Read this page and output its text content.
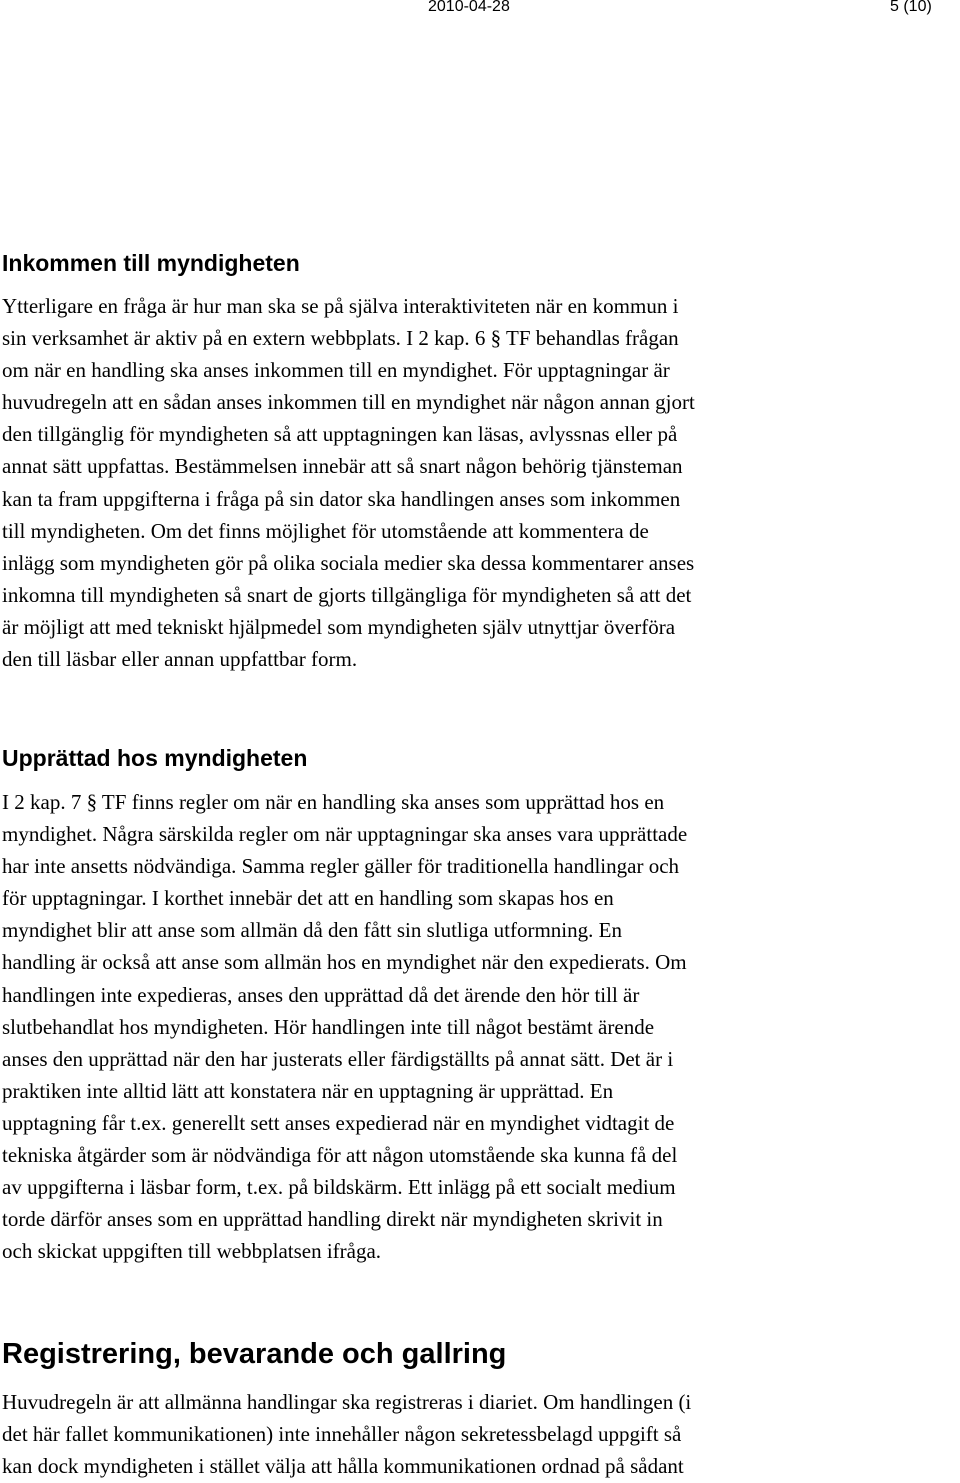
2010-04-28	5 (10)
Inkommen till myndigheten

Ytterligare en fråga är hur man ska se på själva interaktiviteten när en kommun i
sin verksamhet är aktiv på en extern webbplats. I 2 kap. 6 § TF behandlas frågan
om när en handling ska anses inkommen till en myndighet. För upptagningar är
huvudregeln att en sådan anses inkommen till en myndighet när någon annan gjort
den tillgänglig för myndigheten så att upptagningen kan läsas, avlyssnas eller på
annat sätt uppfattas. Bestämmelsen innebär att så snart någon behörig tjänsteman
kan ta fram uppgifterna i fråga på sin dator ska handlingen anses som inkommen
till myndigheten. Om det finns möjlighet för utomstående att kommentera de
inlägg som myndigheten gör på olika sociala medier ska dessa kommentarer anses
inkomna till myndigheten så snart de gjorts tillgängliga för myndigheten så att det
är möjligt att med tekniskt hjälpmedel som myndigheten själv utnyttjar överföra
den till läsbar eller annan uppfattbar form.

Upprättad hos myndigheten

I 2 kap. 7 § TF finns regler om när en handling ska anses som upprättad hos en
myndighet. Några särskilda regler om när upptagningar ska anses vara upprättade
har inte ansetts nödvändiga. Samma regler gäller för traditionella handlingar och
för upptagningar. I korthet innebär det att en handling som skapas hos en
myndighet blir att anse som allmän då den fått sin slutliga utformning. En
handling är också att anse som allmän hos en myndighet när den expedierats. Om
handlingen inte expedieras, anses den upprättad då det ärende den hör till är
slutbehandlat hos myndigheten. Hör handlingen inte till något bestämt ärende
anses den upprättad när den har justerats eller färdigställts på annat sätt. Det är i
praktiken inte alltid lätt att konstatera när en upptagning är upprättad. En
upptagning får t.ex. generellt sett anses expedierad när en myndighet vidtagit de
tekniska åtgärder som är nödvändiga för att någon utomstående ska kunna få del
av uppgifterna i läsbar form, t.ex. på bildskärm. Ett inlägg på ett socialt medium
torde därför anses som en upprättad handling direkt när myndigheten skrivit in
och skickat uppgiften till webbplatsen ifråga.

Registrering, bevarande och gallring

Huvudregeln är att allmänna handlingar ska registreras i diariet. Om handlingen (i
det här fallet kommunikationen) inte innehåller någon sekretessbelagd uppgift så
kan dock myndigheten i stället välja att hålla kommunikationen ordnad på sådant
